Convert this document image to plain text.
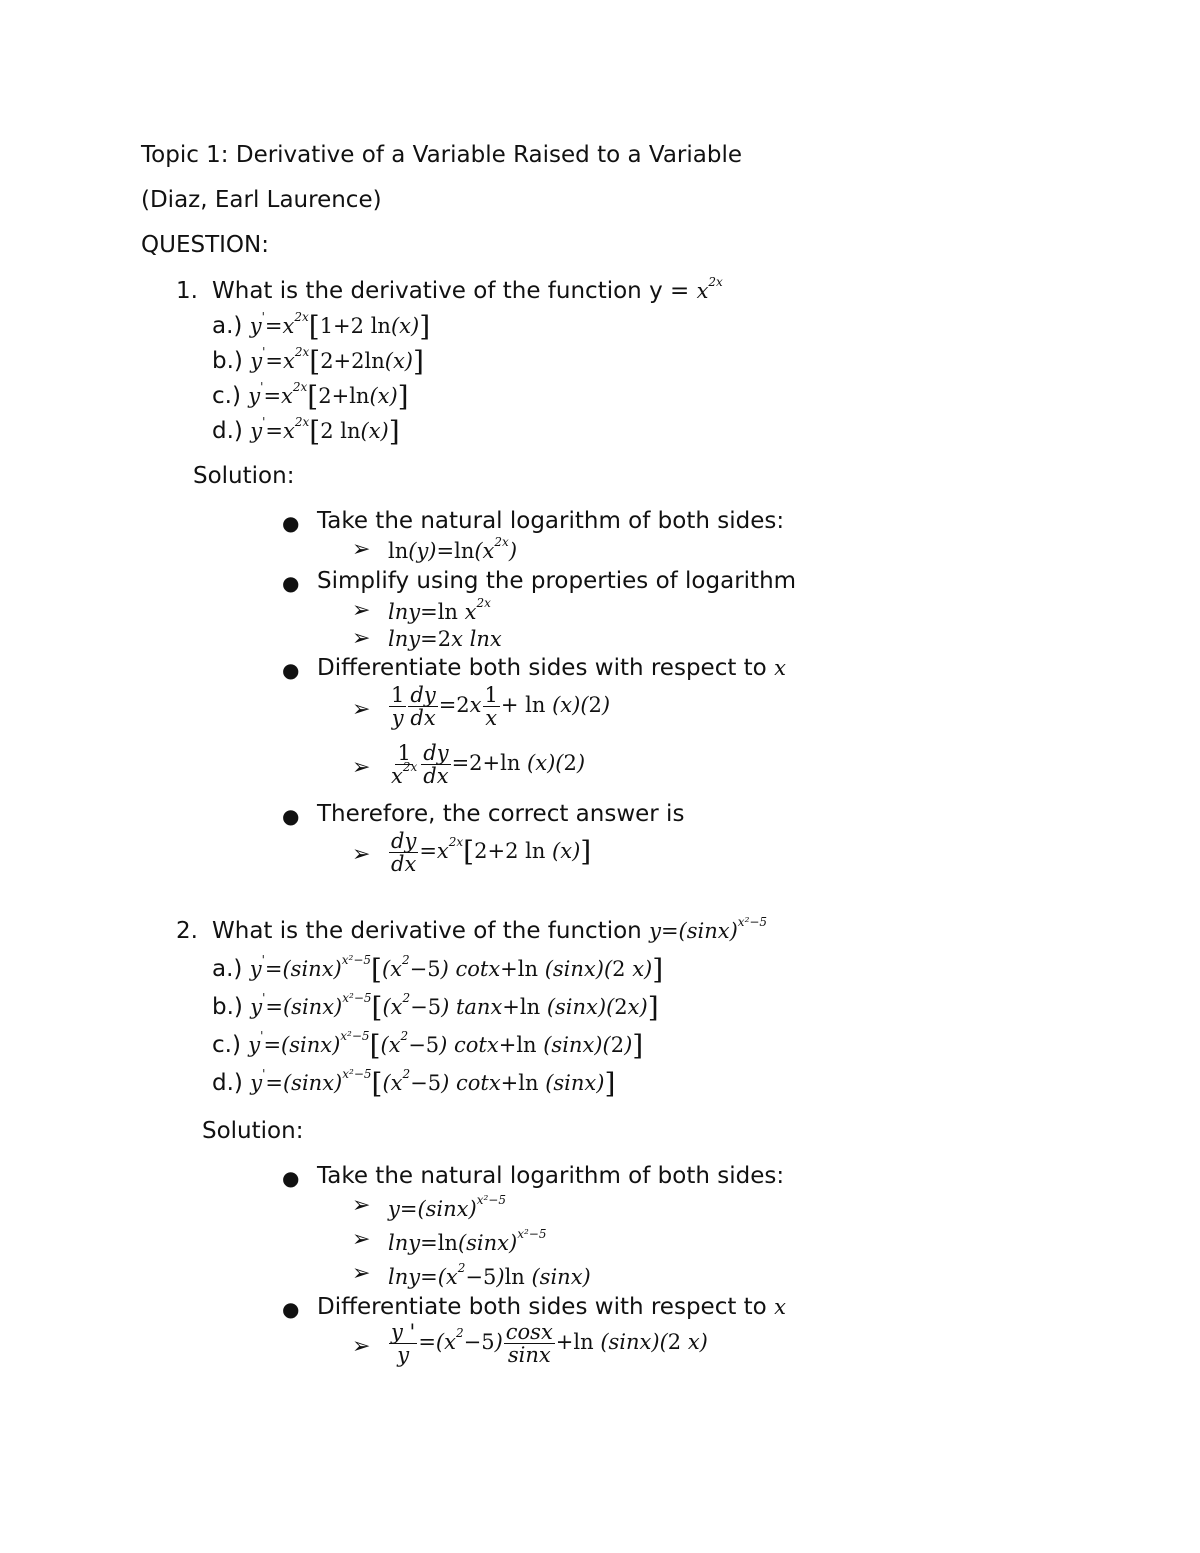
Topic 1: Derivative of a Variable Raised to a Variable
(Diaz, Earl Laurence)
QUESTION:
1. What is the derivative of the function $y = x^{2x}$
a.) $y'=x^{2x}[1+2$ ln(x)]
b.) $y'=x^{2x}[2+2\ln(x)]$
c.) $y'=x^{2x}[2+\ln(x)]$
d.) $y'=x^{2x}[2$ ln(x)]
Solution:
● Take the natural logarithm of both sides:
➢ $\ln(y)=\ln(x^{2x})$
● Simplify using the properties of logarithm
➢ lny=ln $x^{2x}$
➢ lny=2x lnx
● Differentiate both sides with respect to x
➢ $\frac{1}{y} \frac{dy}{dx} =2x \frac{1}{x} + \ln (x)(2)$
➢ $\frac{1}{x^{2x}} \frac{dy}{dx} =2+\ln$ (x)(2)
● Therefore, the correct answer is
➢ $\frac{dy}{dx} =x^{2x}[2+2$ ln (x)]
2. What is the derivative of the function $y=(\sin x)^{x^2-5}$
a.) $y'=(\sin x)^{x^2-5}[(x^2-5)$ cotx+ln (sinx)(2 x)]
b.) $y'=(\sin x)^{x^2-5}[(x^2-5)$ tanx+ln (sinx)(2x)]
c.) $y'=(\sin x)^{x^2-5}[(x^2-5)$ cotx+ln (sinx)(2)]
d.) $y'=(\sin x)^{x^2-5}[(x^2-5)$ cotx+ln (sinx)]
Solution:
● Take the natural logarithm of both sides:
➢ $y=(\sin x)^{x^2-5}$
➢ $\ln y=\ln(\sin x)^{x^2-5}$
➢ $\ln y=(x^2-5)\ln$ (sinx)
● Differentiate both sides with respect to x
➢ $\frac{y '}{y} =(x^2-5) \frac{\cos x}{\sin x} +\ln$ (sinx)(2 x)
